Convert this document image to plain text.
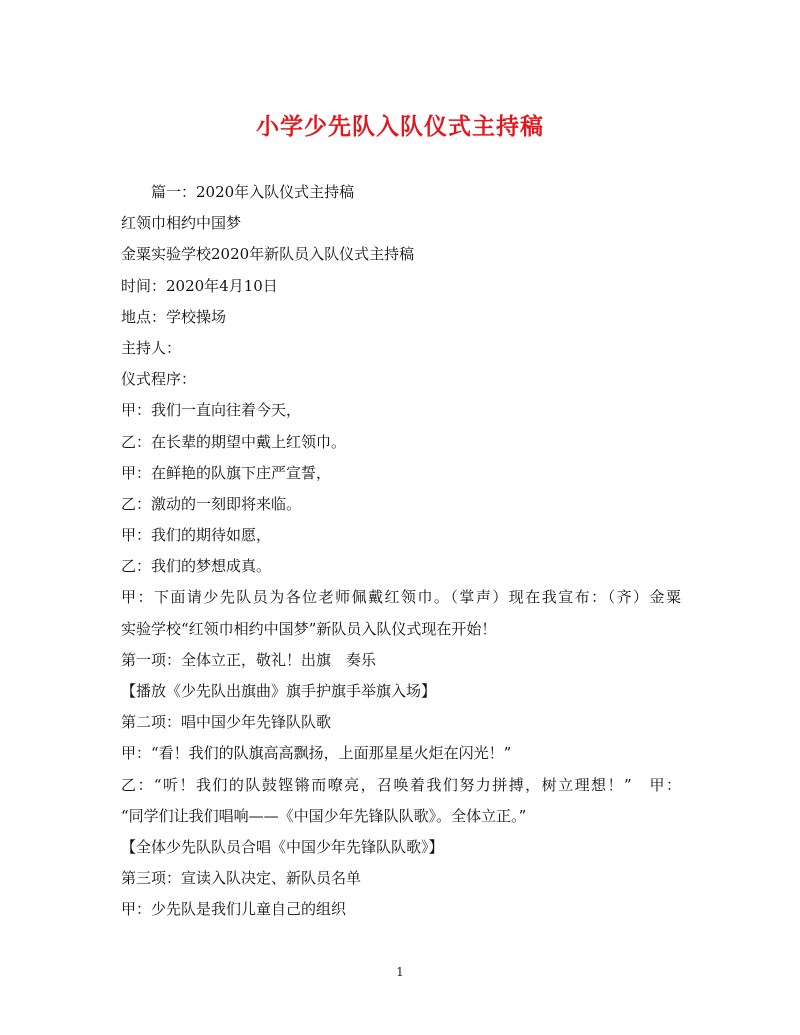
小学少先队入队仪式主持稿

篇一：2020年入队仪式主持稿

红领巾相约中国梦

金粟实验学校2020年新队员入队仪式主持稿

时间：2020年4月10日

地点：学校操场

主持人：

仪式程序：

甲：我们一直向往着今天，

乙：在长辈的期望中戴上红领巾。

甲：在鲜艳的队旗下庄严宣誓，

乙：激动的一刻即将来临。

甲：我们的期待如愿，

乙：我们的梦想成真。

甲：下面请少先队员为各位老师佩戴红领巾。（掌声）现在我宣布：（齐）金粟

实验学校“红领巾相约中国梦”新队员入队仪式现在开始！

第一项：全体立正，敬礼！出旗　奏乐

【播放《少先队出旗曲》旗手护旗手举旗入场】

第二项：唱中国少年先锋队队歌

甲：“看！我们的队旗高高飘扬，上面那星星火炬在闪光！”

乙：“听！我们的队鼓铿锵而嘹亮，召唤着我们努力拼搏，树立理想！”　甲：

“同学们让我们唱响——《中国少年先锋队队歌》。全体立正。”

【全体少先队队员合唱《中国少年先锋队队歌》】

第三项：宣读入队决定、新队员名单

甲：少先队是我们儿童自己的组织

1
